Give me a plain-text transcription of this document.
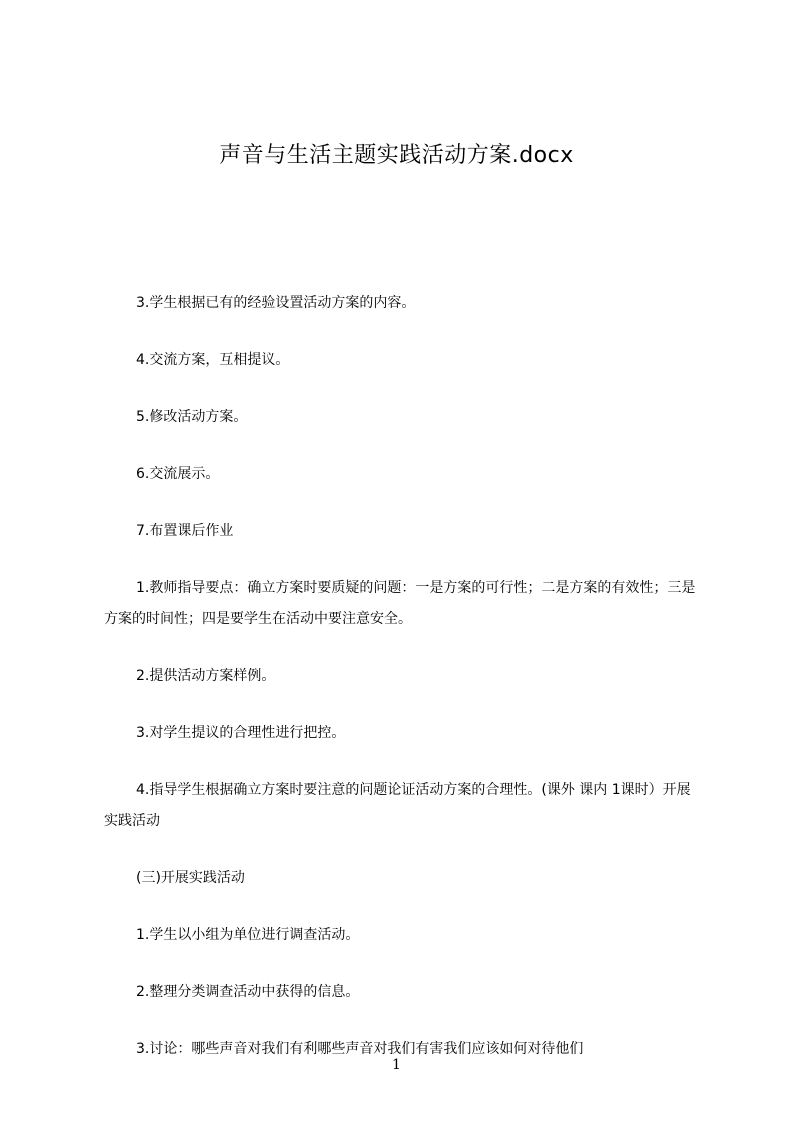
声音与生活主题实践活动方案.docx

3.学生根据已有的经验设置活动方案的内容。

4.交流方案，互相提议。

5.修改活动方案。

6.交流展示。

7.布置课后作业

1.教师指导要点：确立方案时要质疑的问题：一是方案的可行性；二是方案的有效性；三是方案的时间性；四是要学生在活动中要注意安全。

2.提供活动方案样例。

3.对学生提议的合理性进行把控。

4.指导学生根据确立方案时要注意的问题论证活动方案的合理性。(课外 课内 1课时）开展实践活动

(三)开展实践活动

1.学生以小组为单位进行调查活动。

2.整理分类调查活动中获得的信息。

3.讨论：哪些声音对我们有利哪些声音对我们有害我们应该如何对待他们

1
